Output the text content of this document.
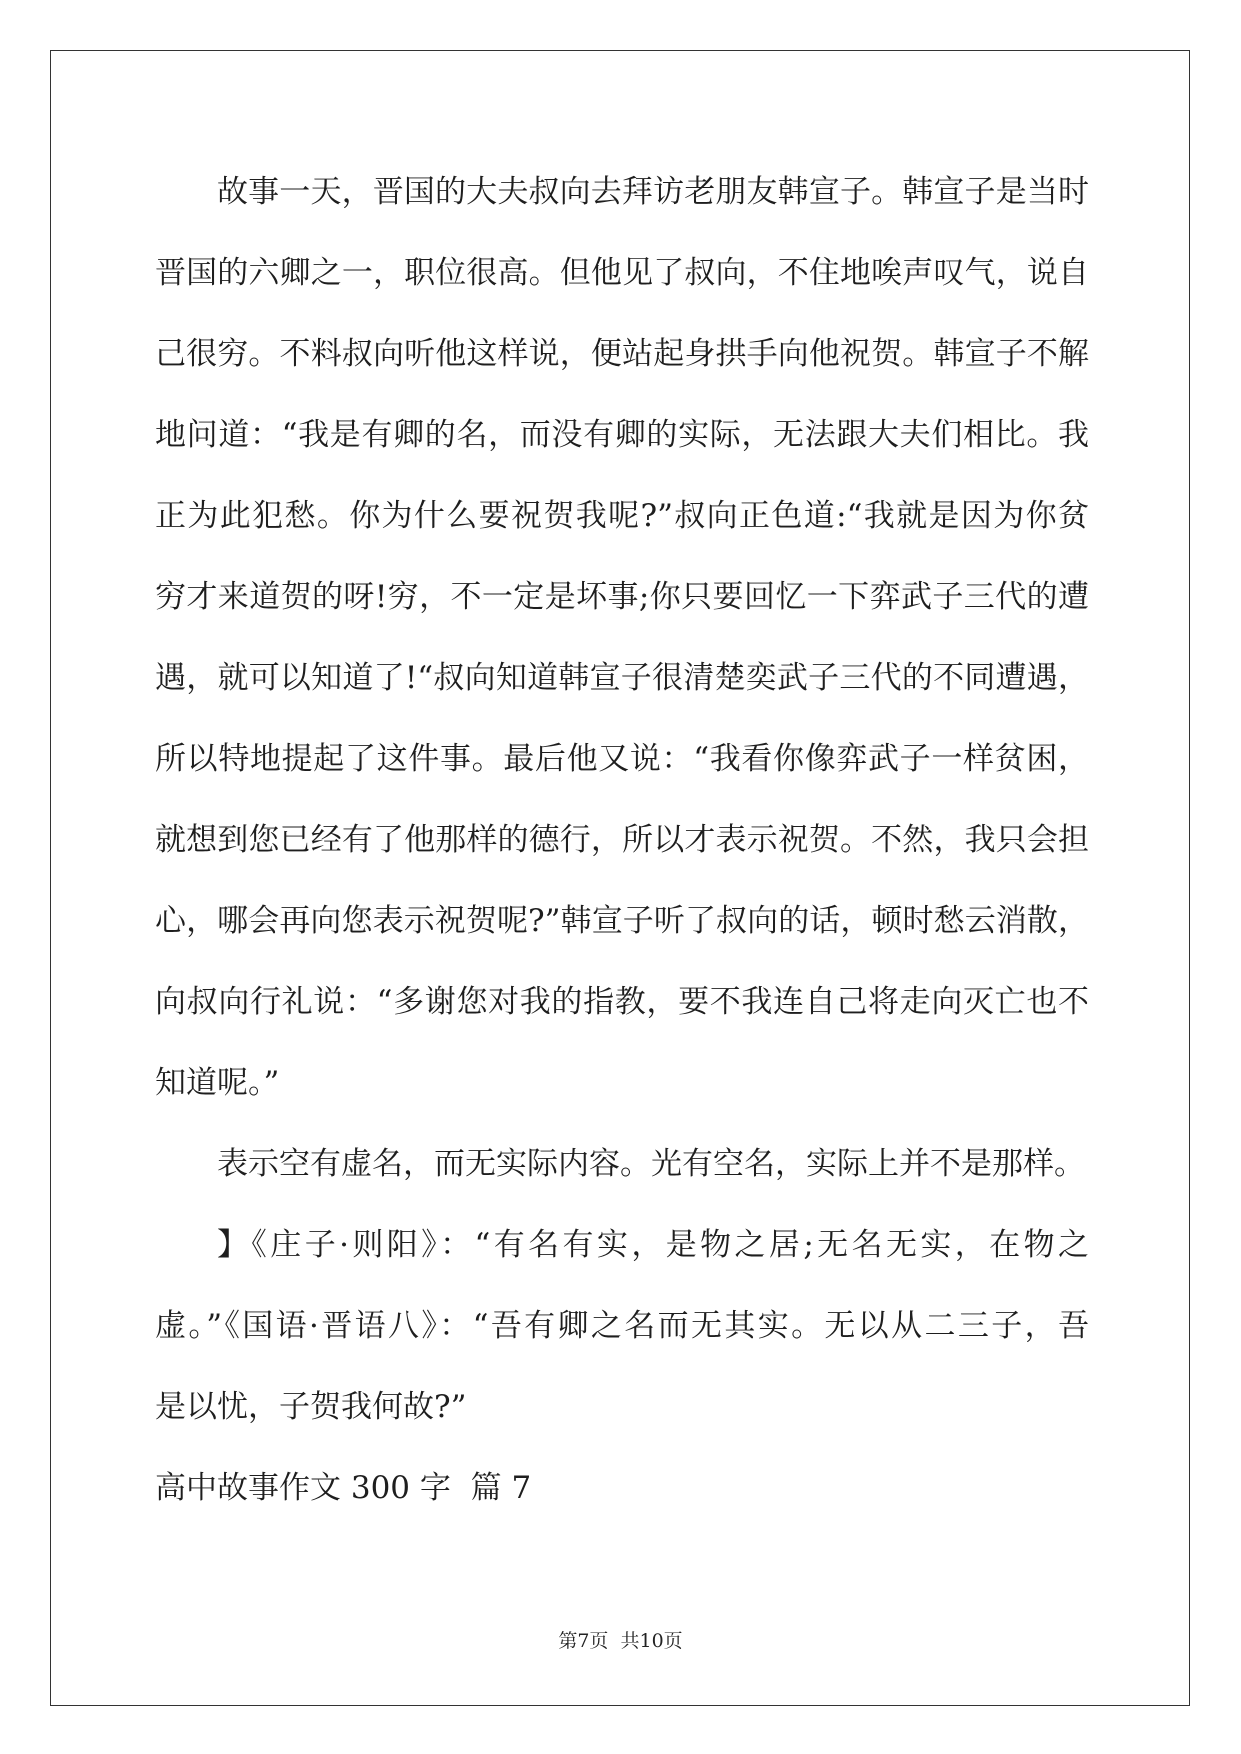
故事一天，晋国的大夫叔向去拜访老朋友韩宣子。韩宣子是当时
晋国的六卿之一，职位很高。但他见了叔向，不住地唉声叹气，说自
己很穷。不料叔向听他这样说，便站起身拱手向他祝贺。韩宣子不解
地问道：“我是有卿的名，而没有卿的实际，无法跟大夫们相比。我
正为此犯愁。你为什么要祝贺我呢?”叔向正色道:“我就是因为你贫
穷才来道贺的呀!穷，不一定是坏事;你只要回忆一下弈武子三代的遭
遇，就可以知道了!“叔向知道韩宣子很清楚奕武子三代的不同遭遇，
所以特地提起了这件事。最后他又说：“我看你像弈武子一样贫困，
就想到您已经有了他那样的德行，所以才表示祝贺。不然，我只会担
心，哪会再向您表示祝贺呢?”韩宣子听了叔向的话，顿时愁云消散，
向叔向行礼说：“多谢您对我的指教，要不我连自己将走向灭亡也不
知道呢。”
表示空有虚名，而无实际内容。光有空名，实际上并不是那样。
】《庄子·则阳》：“有名有实，是物之居;无名无实，在物之
虚。”《国语·晋语八》：“吾有卿之名而无其实。无以从二三子，吾
是以忧，子贺我何故?”
高中故事作文 300 字  篇 7
第7页  共10页
